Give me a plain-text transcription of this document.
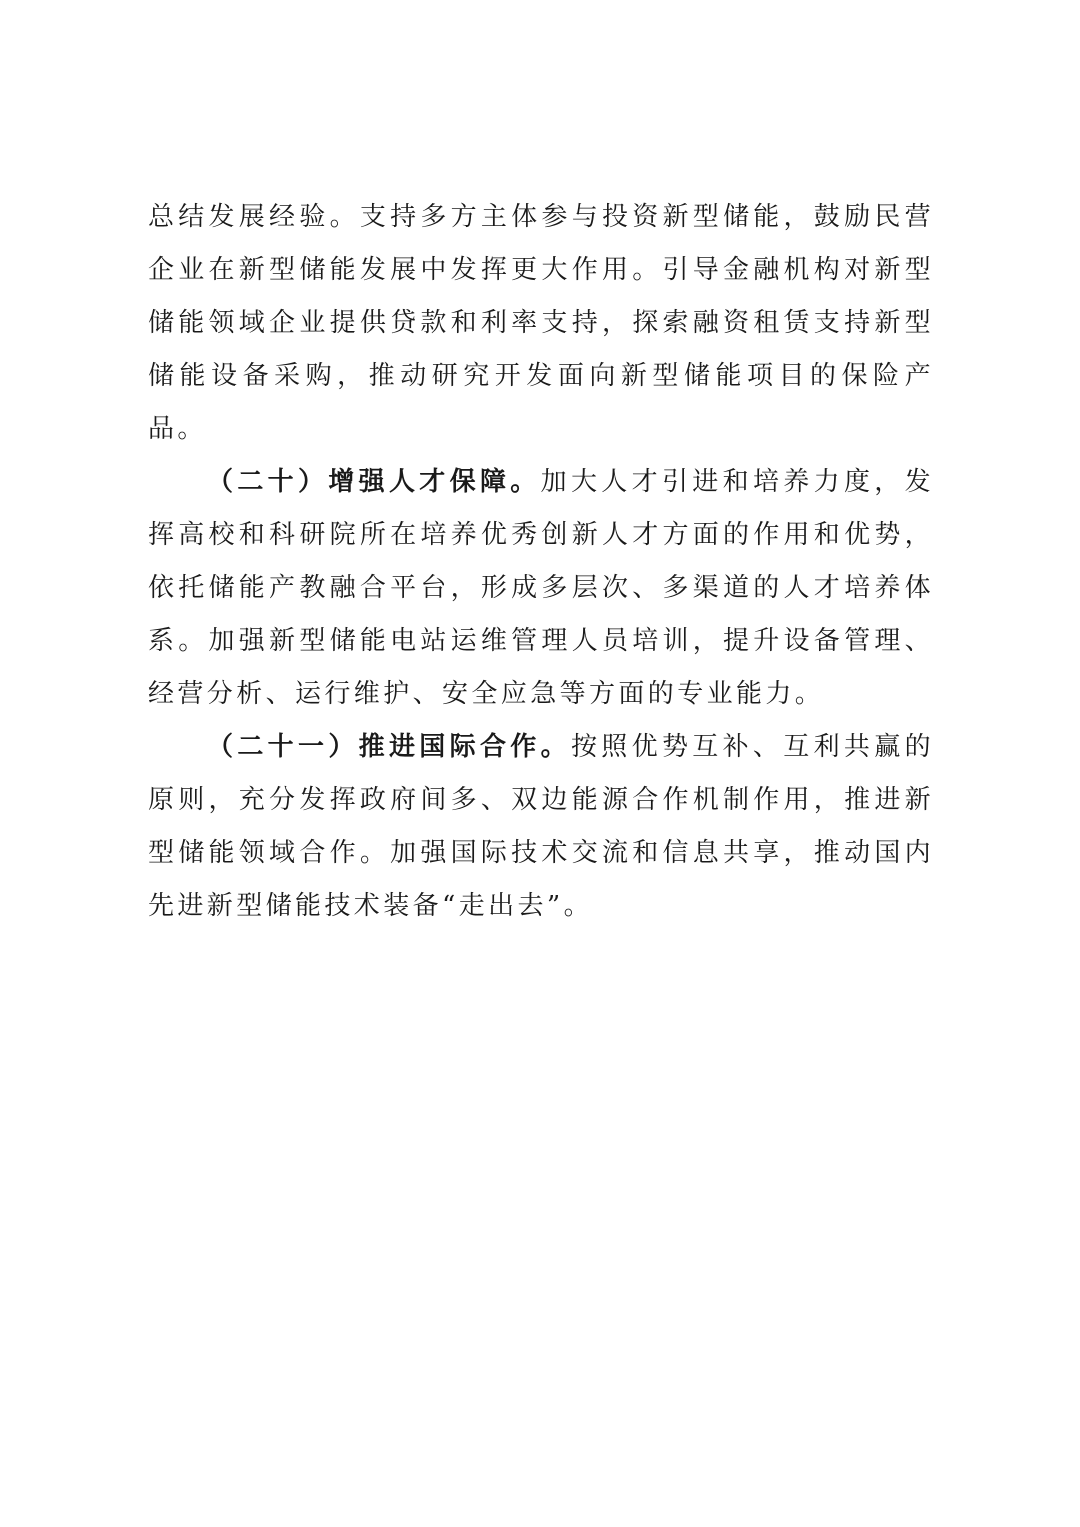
总结发展经验。支持多方主体参与投资新型储能，鼓励民营企业在新型储能发展中发挥更大作用。引导金融机构对新型储能领域企业提供贷款和利率支持，探索融资租赁支持新型储能设备采购，推动研究开发面向新型储能项目的保险产品。

（二十）增强人才保障。加大人才引进和培养力度，发挥高校和科研院所在培养优秀创新人才方面的作用和优势，依托储能产教融合平台，形成多层次、多渠道的人才培养体系。加强新型储能电站运维管理人员培训，提升设备管理、经营分析、运行维护、安全应急等方面的专业能力。

（二十一）推进国际合作。按照优势互补、互利共赢的原则，充分发挥政府间多、双边能源合作机制作用，推进新型储能领域合作。加强国际技术交流和信息共享，推动国内先进新型储能技术装备“走出去”。
